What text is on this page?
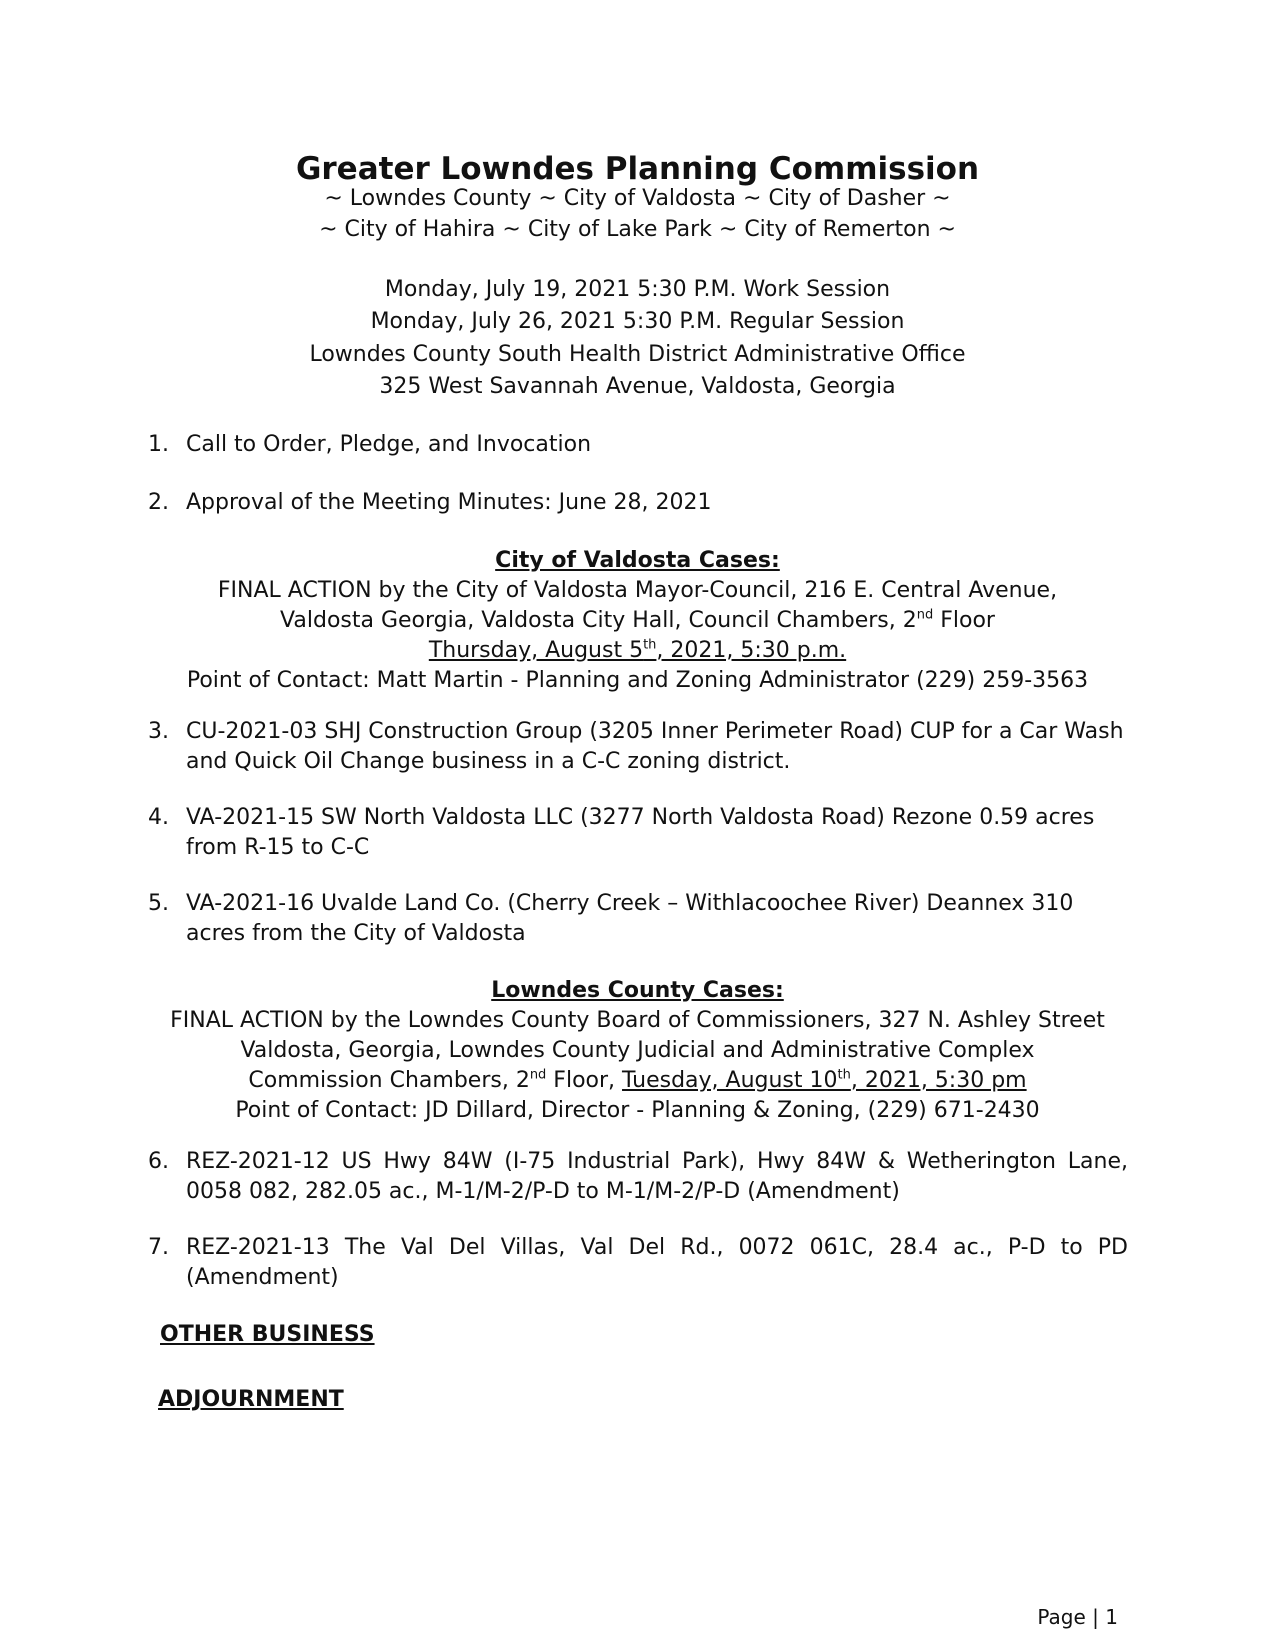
Greater Lowndes Planning Commission
~ Lowndes County ~ City of Valdosta ~ City of Dasher ~
~ City of Hahira ~ City of Lake Park ~ City of Remerton ~
Monday, July 19, 2021 5:30 P.M. Work Session
Monday, July 26, 2021 5:30 P.M. Regular Session
Lowndes County South Health District Administrative Office
325 West Savannah Avenue, Valdosta, Georgia
1. Call to Order, Pledge, and Invocation
2. Approval of the Meeting Minutes: June 28, 2021
City of Valdosta Cases:
FINAL ACTION by the City of Valdosta Mayor-Council, 216 E. Central Avenue,
Valdosta Georgia, Valdosta City Hall, Council Chambers, 2nd Floor
Thursday, August 5th, 2021, 5:30 p.m.
Point of Contact: Matt Martin - Planning and Zoning Administrator (229) 259-3563
3. CU-2021-03 SHJ Construction Group (3205 Inner Perimeter Road) CUP for a Car Wash and Quick Oil Change business in a C-C zoning district.
4. VA-2021-15 SW North Valdosta LLC (3277 North Valdosta Road) Rezone 0.59 acres from R-15 to C-C
5. VA-2021-16 Uvalde Land Co. (Cherry Creek – Withlacoochee River) Deannex 310 acres from the City of Valdosta
Lowndes County Cases:
FINAL ACTION by the Lowndes County Board of Commissioners, 327 N. Ashley Street
Valdosta, Georgia, Lowndes County Judicial and Administrative Complex
Commission Chambers, 2nd Floor, Tuesday, August 10th, 2021, 5:30 pm
Point of Contact: JD Dillard, Director - Planning & Zoning, (229) 671-2430
6. REZ-2021-12 US Hwy 84W (I-75 Industrial Park), Hwy 84W & Wetherington Lane, 0058 082, 282.05 ac., M-1/M-2/P-D to M-1/M-2/P-D (Amendment)
7. REZ-2021-13 The Val Del Villas, Val Del Rd., 0072 061C, 28.4 ac., P-D to PD (Amendment)
OTHER BUSINESS
ADJOURNMENT
Page | 1
